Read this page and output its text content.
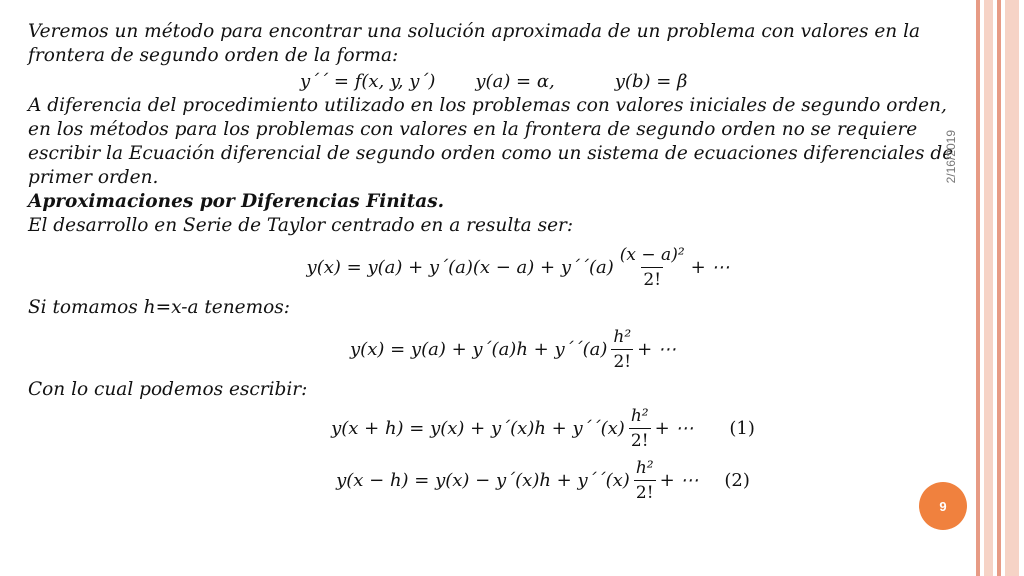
Veremos un método para encontrar una solución aproximada de un problema con valores en la

frontera de segundo orden de la forma:

y´´ = f(x, y, y´) y(a) = α,	y(b) = β

A diferencia del procedimiento utilizado en los problemas con valores iniciales de segundo orden,

en los métodos para los problemas con valores en la frontera de segundo orden no se requiere

escribir la Ecuación diferencial de segundo orden como un sistema de ecuaciones diferenciales de

primer orden.

Aproximaciones por Diferencias Finitas.

El desarrollo en Serie de Taylor centrado en a resulta ser:

y(x) = y(a) + y´(a)(x − a) + y´´(a) $\frac{\text{(x − a)²}}{2!}$ + ⋯

Si tomamos h=x-a tenemos:

y(x) = y(a) + y´(a)h + y´´(a) $\frac{\text{h²}}{2!}$ + ⋯

Con lo cual podemos escribir:

y(x + h) = y(x) + y´(x)h + y´´(x) $\frac{\text{h²}}{2!}$ + ⋯ (1)
y(x − h) = y(x) − y´(x)h + y´´(x) $\frac{\text{h²}}{2!}$ + ⋯ (2)
2/16/2019
9
